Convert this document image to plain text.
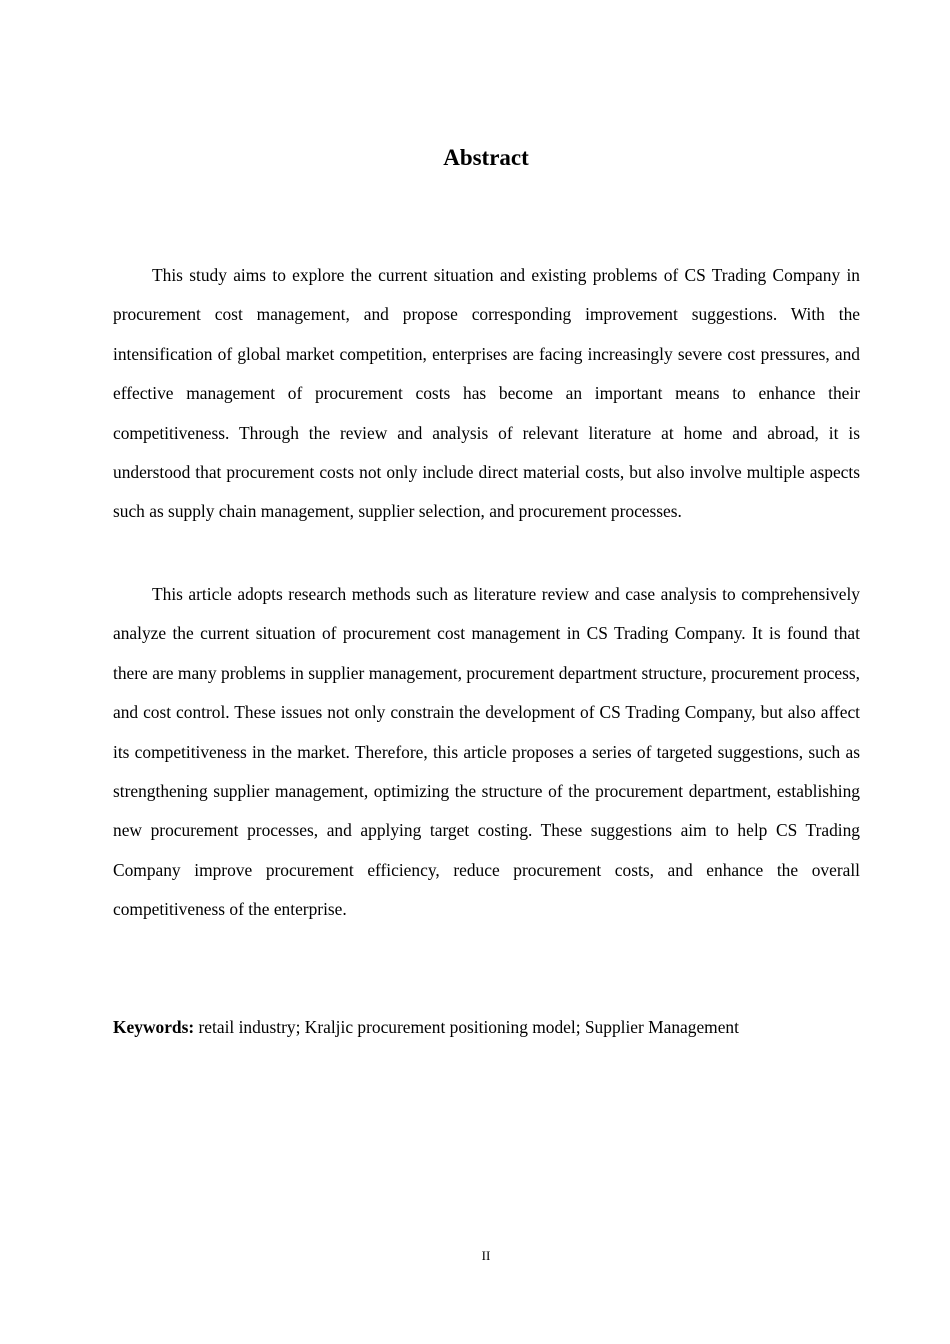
Abstract

This study aims to explore the current situation and existing problems of CS Trading Company in procurement cost management, and propose corresponding improvement suggestions. With the intensification of global market competition, enterprises are facing increasingly severe cost pressures, and effective management of procurement costs has become an important means to enhance their competitiveness. Through the review and analysis of relevant literature at home and abroad, it is understood that procurement costs not only include direct material costs, but also involve multiple aspects such as supply chain management, supplier selection, and procurement processes.

This article adopts research methods such as literature review and case analysis to comprehensively analyze the current situation of procurement cost management in CS Trading Company. It is found that there are many problems in supplier management, procurement department structure, procurement process, and cost control. These issues not only constrain the development of CS Trading Company, but also affect its competitiveness in the market. Therefore, this article proposes a series of targeted suggestions, such as strengthening supplier management, optimizing the structure of the procurement department, establishing new procurement processes, and applying target costing. These suggestions aim to help CS Trading Company improve procurement efficiency, reduce procurement costs, and enhance the overall competitiveness of the enterprise.

Keywords: retail industry; Kraljic procurement positioning model; Supplier Management
II
